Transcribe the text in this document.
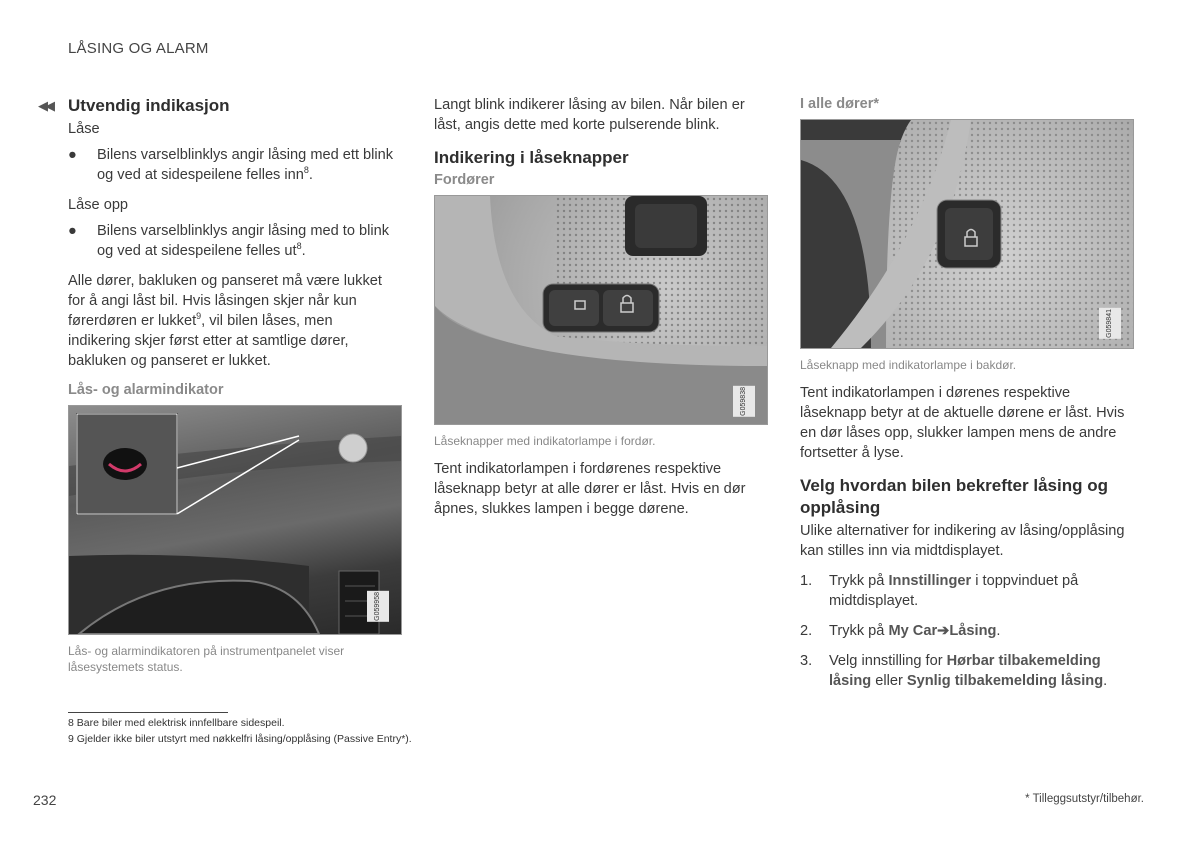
LÅSING OG ALARM
◀◀ Utvendig indikasjon

Låse

● Bilens varselblinklys angir låsing med ett blink og ved at sidespeilene felles inn$^8$.

Låse opp

● Bilens varselblinklys angir låsing med to blink og ved at sidespeilene felles $ut^8$.

Alle dører, bakluken og panseret må være lukket for å angi låst bil. Hvis låsingen skjer når kun førerdøren er lukket$^9$, vil bilen låses, men indikering skjer først etter at samtlige dører, bakluken og panseret er lukket.

Lås- og alarmindikator
G059958
Lås- og alarmindikatoren på instrumentpanelet viser låsesystemets status.

Langt blink indikerer låsing av bilen. Når bilen er låst, angis dette med korte pulserende blink.

Indikering i låseknapper
Fordører
G059838
Låseknapper med indikatorlampe i fordør.

Tent indikatorlampen i fordørenes respektive låseknapp betyr at alle dører er låst. Hvis en dør åpnes, slukkes lampen i begge dørene.

I alle dører*
G059841
Låseknapp med indikatorlampe i bakdør.

Tent indikatorlampen i dørenes respektive låseknapp betyr at de aktuelle dørene er låst. Hvis en dør låses opp, slukker lampen mens de andre fortsetter å lyse.

Velg hvordan bilen bekrefter låsing og opplåsing

Ulike alternativer for indikering av låsing/opplåsing kan stilles inn via midtdisplayet.

1. Trykk på Innstillinger i toppvinduet på midtdisplayet.
2. Trykk på My Car➔Låsing.
3. Velg innstilling for Hørbar tilbakemelding låsing eller Synlig tilbakemelding låsing.
8 Bare biler med elektrisk innfellbare sidespeil.
9 Gjelder ikke biler utstyrt med nøkkelfri låsing/opplåsing (Passive Entry*).
232	* Tilleggsutstyr/tilbehør.
